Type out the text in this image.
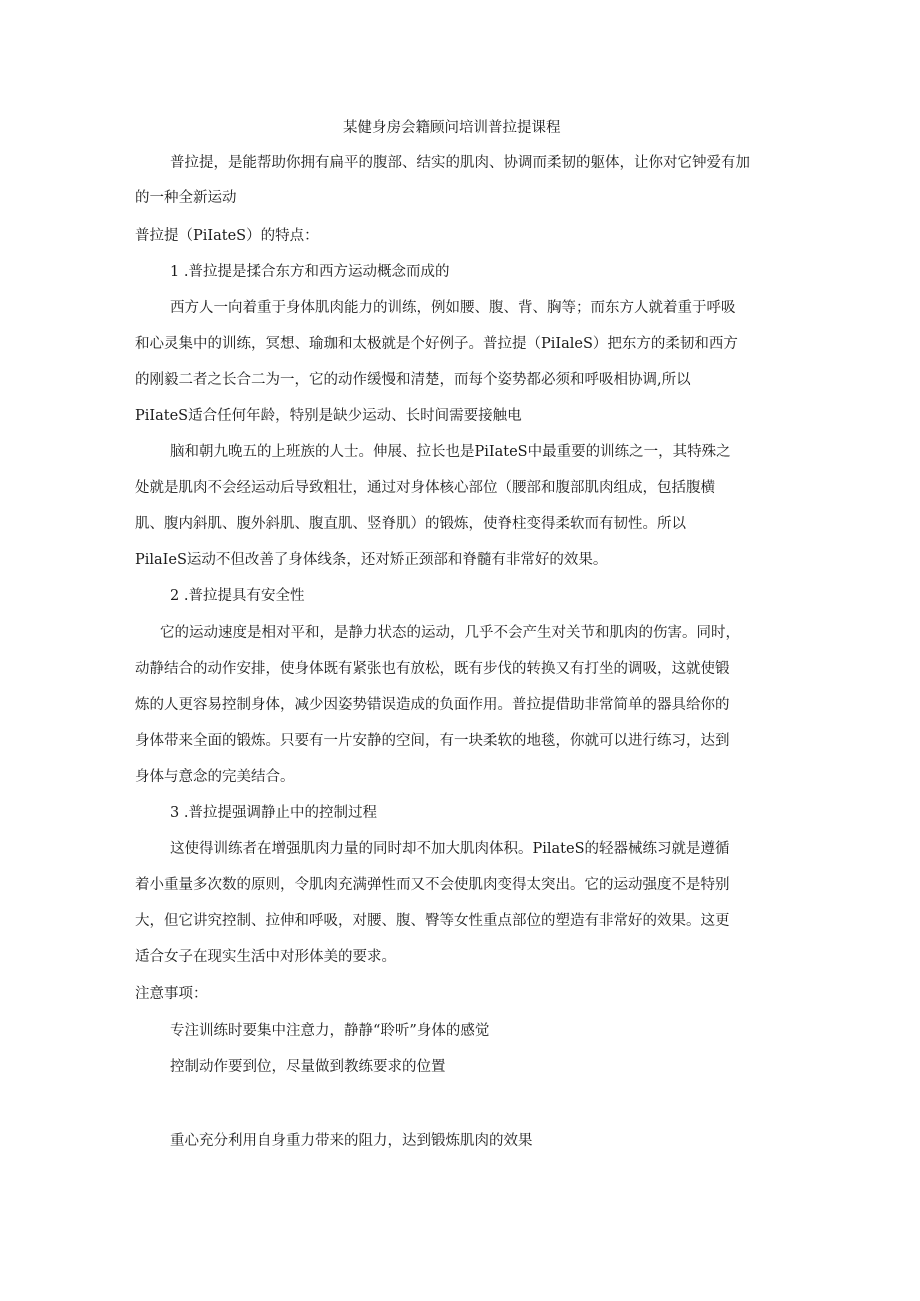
某健身房会籍顾问培训普拉提课程
普拉提，是能帮助你拥有扁平的腹部、结实的肌肉、协调而柔韧的躯体，让你对它钟爱有加
的一种全新运动
普拉提（PiIateS）的特点：
1 .普拉提是揉合东方和西方运动概念而成的
西方人一向着重于身体肌肉能力的训练，例如腰、腹、背、胸等；而东方人就着重于呼吸
和心灵集中的训练，冥想、瑜珈和太极就是个好例子。普拉提（PiIaleS）把东方的柔韧和西方
的刚毅二者之长合二为一，它的动作缓慢和清楚，而每个姿势都必须和呼吸相协调,所以
PiIateS适合任何年龄，特别是缺少运动、长时间需要接触电
脑和朝九晚五的上班族的人士。伸展、拉长也是PiIateS中最重要的训练之一，其特殊之
处就是肌肉不会经运动后导致粗壮，通过对身体核心部位（腰部和腹部肌肉组成，包括腹横
肌、腹内斜肌、腹外斜肌、腹直肌、竖脊肌）的锻炼，使脊柱变得柔软而有韧性。所以
PilaIeS运动不但改善了身体线条，还对矫正颈部和脊髓有非常好的效果。
2 .普拉提具有安全性
它的运动速度是相对平和，是静力状态的运动，几乎不会产生对关节和肌肉的伤害。同时，
动静结合的动作安排，使身体既有紧张也有放松，既有步伐的转换又有打坐的调吸，这就使锻
炼的人更容易控制身体，减少因姿势错误造成的负面作用。普拉提借助非常简单的器具给你的
身体带来全面的锻炼。只要有一片安静的空间，有一块柔软的地毯，你就可以进行练习，达到
身体与意念的完美结合。
3 .普拉提强调静止中的控制过程
这使得训练者在增强肌肉力量的同时却不加大肌肉体积。PilateS的轻器械练习就是遵循
着小重量多次数的原则，令肌肉充满弹性而又不会使肌肉变得太突出。它的运动强度不是特别
大，但它讲究控制、拉伸和呼吸，对腰、腹、臀等女性重点部位的塑造有非常好的效果。这更
适合女子在现实生活中对形体美的要求。
注意事项：
专注训练时要集中注意力，静静“聆听”身体的感觉
控制动作要到位，尽量做到教练要求的位置
重心充分利用自身重力带来的阻力，达到锻炼肌肉的效果
